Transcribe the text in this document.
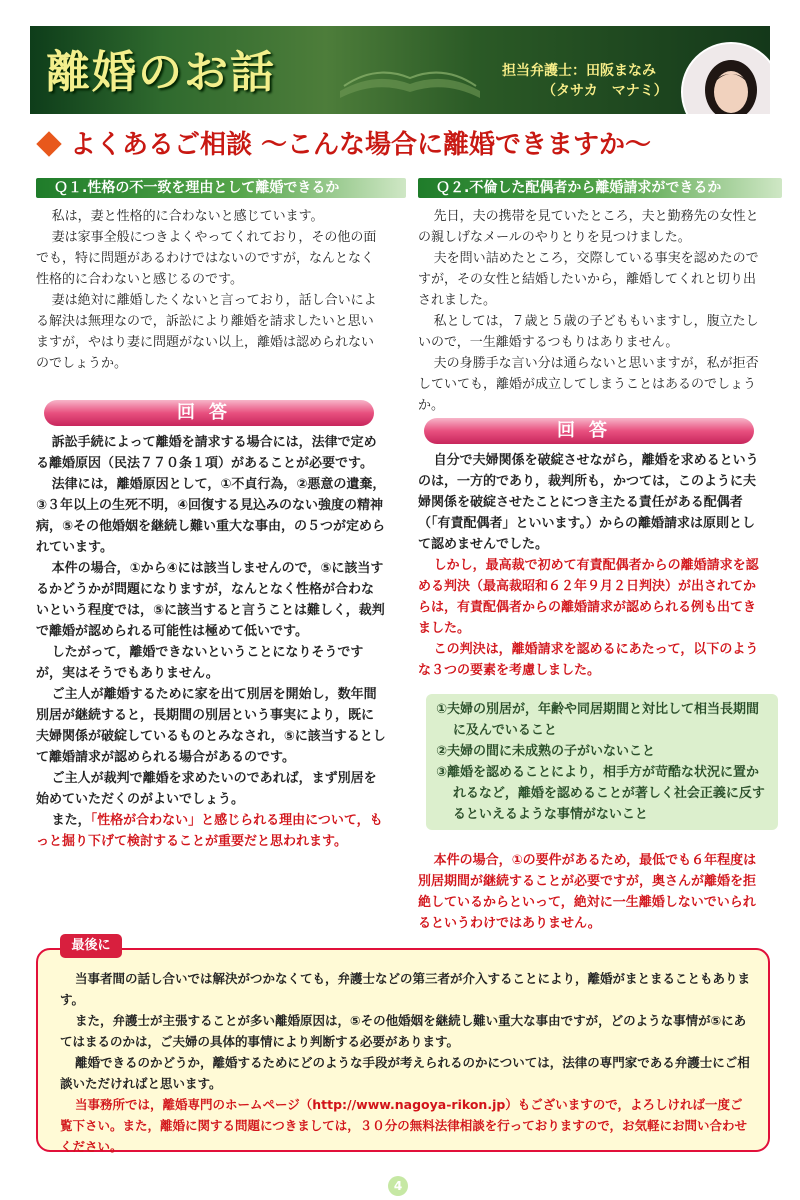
離婚のお話	担当弁護士：田阪まなみ
（タサカ　マナミ）
よくあるご相談 ～こんな場合に離婚できますか～
Ｑ１.性格の不一致を理由として離婚できるか

私は，妻と性格的に合わないと感じています。

妻は家事全般につきよくやってくれており，その他の面でも，特に問題があるわけではないのですが，なんとなく性格的に合わないと感じるのです。

妻は絶対に離婚したくないと言っており，話し合いによる解決は無理なので，訴訟により離婚を請求したいと思いますが，やはり妻に問題がない以上，離婚は認められないのでしょうか。

回答

訴訟手続によって離婚を請求する場合には，法律で定める離婚原因（民法７７０条１項）があることが必要です。

法律には，離婚原因として，①不貞行為，②悪意の遺棄，③３年以上の生死不明，④回復する見込みのない強度の精神病，⑤その他婚姻を継続し難い重大な事由，の５つが定められています。

本件の場合，①から④には該当しませんので，⑤に該当するかどうかが問題になりますが，なんとなく性格が合わないという程度では，⑤に該当すると言うことは難しく，裁判で離婚が認められる可能性は極めて低いです。

したがって，離婚できないということになりそうですが，実はそうでもありません。

ご主人が離婚するために家を出て別居を開始し，数年間別居が継続すると，長期間の別居という事実により，既に夫婦関係が破綻しているものとみなされ，⑤に該当するとして離婚請求が認められる場合があるのです。

ご主人が裁判で離婚を求めたいのであれば，まず別居を始めていただくのがよいでしょう。

また，「性格が合わない」と感じられる理由について，もっと掘り下げて検討することが重要だと思われます。

Ｑ２.不倫した配偶者から離婚請求ができるか

先日，夫の携帯を見ていたところ，夫と勤務先の女性との親しげなメールのやりとりを見つけました。

夫を問い詰めたところ，交際している事実を認めたのですが，その女性と結婚したいから，離婚してくれと切り出されました。

私としては，７歳と５歳の子どももいますし，腹立たしいので，一生離婚するつもりはありません。

夫の身勝手な言い分は通らないと思いますが，私が拒否していても，離婚が成立してしまうことはあるのでしょうか。

回答

自分で夫婦関係を破綻させながら，離婚を求めるというのは，一方的であり，裁判所も，かつては，このように夫婦関係を破綻させたことにつき主たる責任がある配偶者（「有責配偶者」といいます。）からの離婚請求は原則として認めませんでした。

しかし，最高裁で初めて有責配偶者からの離婚請求を認める判決（最高裁昭和６２年９月２日判決）が出されてからは，有責配偶者からの離婚請求が認められる例も出てきました。

この判決は，離婚請求を認めるにあたって，以下のような３つの要素を考慮しました。

①夫婦の別居が，年齢や同居期間と対比して相当長期間に及んでいること
②夫婦の間に未成熟の子がいないこと
③離婚を認めることにより，相手方が苛酷な状況に置かれるなど，離婚を認めることが著しく社会正義に反するといえるような事情がないこと

本件の場合，①の要件があるため，最低でも６年程度は別居期間が継続することが必要ですが，奥さんが離婚を拒絶しているからといって，絶対に一生離婚しないでいられるというわけではありません。

当事者間の話し合いでは解決がつかなくても，弁護士などの第三者が介入することにより，離婚がまとまることもあります。

また，弁護士が主張することが多い離婚原因は，⑤その他婚姻を継続し難い重大な事由ですが，どのような事情が⑤にあてはまるのかは，ご夫婦の具体的事情により判断する必要があります。

離婚できるのかどうか，離婚するためにどのような手段が考えられるのかについては，法律の専門家である弁護士にご相談いただければと思います。

当事務所では，離婚専門のホームページ（http://www.nagoya-rikon.jp）もございますので，よろしければ一度ご覧下さい。また，離婚に関する問題につきましては，３０分の無料法律相談を行っておりますので，お気軽にお問い合わせください。

最後に
4
